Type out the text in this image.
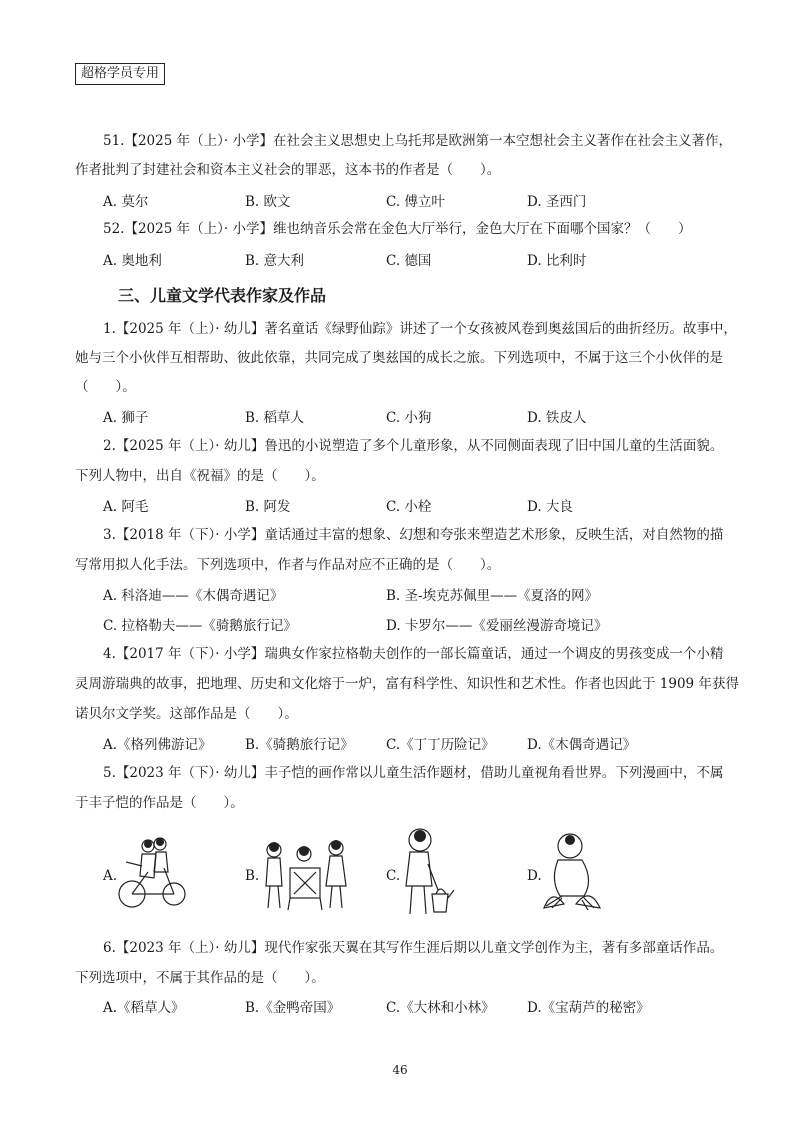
超格学员专用
51.【2025 年（上）· 小学】在社会主义思想史上乌托邦是欧洲第一本空想社会主义著作在社会主义著作，
作者批判了封建社会和资本主义社会的罪恶，这本书的作者是（　　）。
A. 莫尔	B. 欧文	C. 傅立叶	D. 圣西门
52.【2025 年（上）· 小学】维也纳音乐会常在金色大厅举行，金色大厅在下面哪个国家？（　　）
A. 奥地利	B. 意大利	C. 德国	D. 比利时
三、儿童文学代表作家及作品
1.【2025 年（上）· 幼儿】著名童话《绿野仙踪》讲述了一个女孩被风卷到奥兹国后的曲折经历。故事中，
她与三个小伙伴互相帮助、彼此依靠，共同完成了奥兹国的成长之旅。下列选项中，不属于这三个小伙伴的是
（　　）。
A. 狮子	B. 稻草人	C. 小狗	D. 铁皮人
2.【2025 年（上）· 幼儿】鲁迅的小说塑造了多个儿童形象，从不同侧面表现了旧中国儿童的生活面貌。
下列人物中，出自《祝福》的是（　　）。
A. 阿毛	B. 阿发	C. 小栓	D. 大良
3.【2018 年（下）· 小学】童话通过丰富的想象、幻想和夸张来塑造艺术形象，反映生活，对自然物的描
写常用拟人化手法。下列选项中，作者与作品对应不正确的是（　　）。
A. 科洛迪——《木偶奇遇记》	B. 圣-埃克苏佩里——《夏洛的网》
C. 拉格勒夫——《骑鹅旅行记》	D. 卡罗尔——《爱丽丝漫游奇境记》
4.【2017 年（下）· 小学】瑞典女作家拉格勒夫创作的一部长篇童话，通过一个调皮的男孩变成一个小精
灵周游瑞典的故事，把地理、历史和文化熔于一炉，富有科学性、知识性和艺术性。作者也因此于 1909 年获得
诺贝尔文学奖。这部作品是（　　）。
A.《格列佛游记》 B.《骑鹅旅行记》 C.《丁丁历险记》 D.《木偶奇遇记》
5.【2023 年（下）· 幼儿】丰子恺的画作常以儿童生活作题材，借助儿童视角看世界。下列漫画中，不属
于丰子恺的作品是（　　）。
A.	B.	C.	D.
6.【2023 年（上）· 幼儿】现代作家张天翼在其写作生涯后期以儿童文学创作为主，著有多部童话作品。
下列选项中，不属于其作品的是（　　）。
A.《稻草人》	B.《金鸭帝国》	C.《大林和小林》 D.《宝葫芦的秘密》
46
